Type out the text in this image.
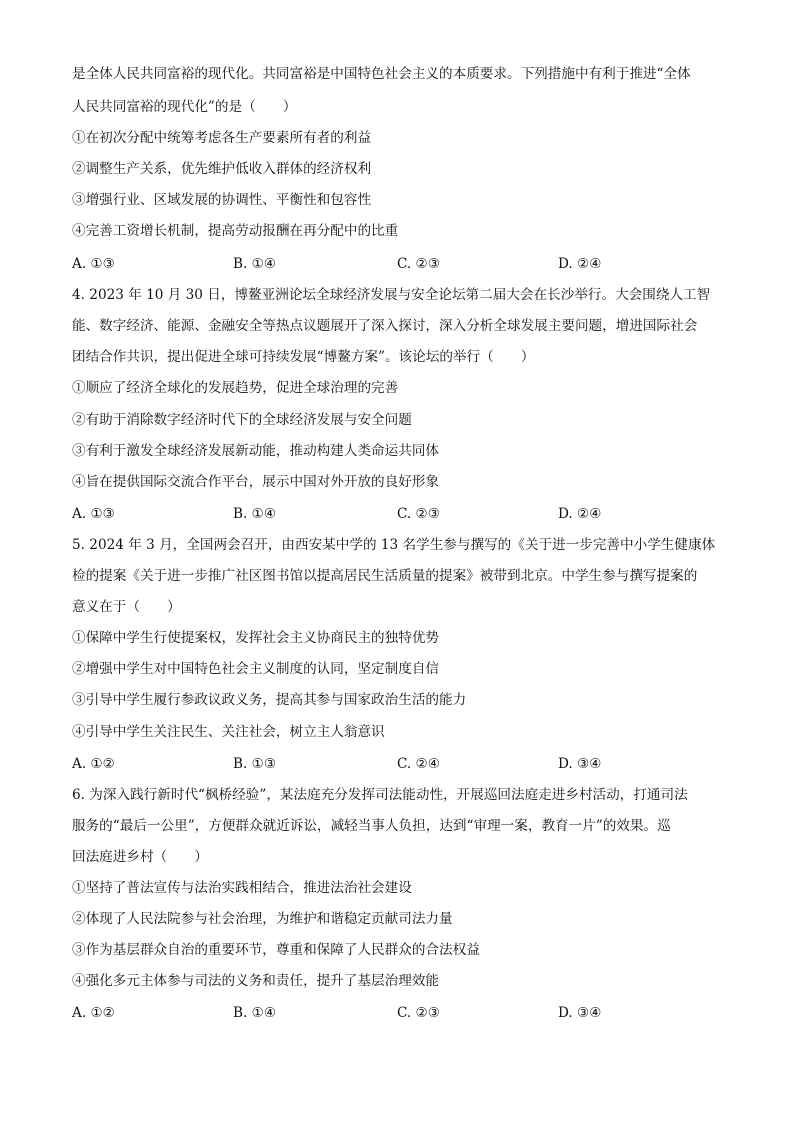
是全体人民共同富裕的现代化。共同富裕是中国特色社会主义的本质要求。下列措施中有利于推进“全体
人民共同富裕的现代化”的是（　　）
①在初次分配中统筹考虑各生产要素所有者的利益
②调整生产关系，优先维护低收入群体的经济权利
③增强行业、区域发展的协调性、平衡性和包容性
④完善工资增长机制，提高劳动报酬在再分配中的比重
A. ①③	B. ①④	C. ②③	D. ②④
4. 2023 年 10 月 30 日，博鳌亚洲论坛全球经济发展与安全论坛第二届大会在长沙举行。大会围绕人工智
能、数字经济、能源、金融安全等热点议题展开了深入探讨，深入分析全球发展主要问题，增进国际社会
团结合作共识，提出促进全球可持续发展“博鳌方案”。该论坛的举行（　　）
①顺应了经济全球化的发展趋势，促进全球治理的完善
②有助于消除数字经济时代下的全球经济发展与安全问题
③有利于激发全球经济发展新动能，推动构建人类命运共同体
④旨在提供国际交流合作平台，展示中国对外开放的良好形象
A. ①③	B. ①④	C. ②③	D. ②④
5. 2024 年 3 月，全国两会召开，由西安某中学的 13 名学生参与撰写的《关于进一步完善中小学生健康体
检的提案《关于进一步推广社区图书馆以提高居民生活质量的提案》被带到北京。中学生参与撰写提案的
意义在于（　　）
①保障中学生行使提案权，发挥社会主义协商民主的独特优势
②增强中学生对中国特色社会主义制度的认同，坚定制度自信
③引导中学生履行参政议政义务，提高其参与国家政治生活的能力
④引导中学生关注民生、关注社会，树立主人翁意识
A. ①②	B. ①③	C. ②④	D. ③④
6. 为深入践行新时代“枫桥经验”，某法庭充分发挥司法能动性，开展巡回法庭走进乡村活动，打通司法
服务的“最后一公里”，方便群众就近诉讼，减轻当事人负担，达到“审理一案，教育一片”的效果。巡
回法庭进乡村（　　）
①坚持了普法宣传与法治实践相结合，推进法治社会建设
②体现了人民法院参与社会治理，为维护和谐稳定贡献司法力量
③作为基层群众自治的重要环节，尊重和保障了人民群众的合法权益
④强化多元主体参与司法的义务和责任，提升了基层治理效能
A. ①②	B. ①④	C. ②③	D. ③④
